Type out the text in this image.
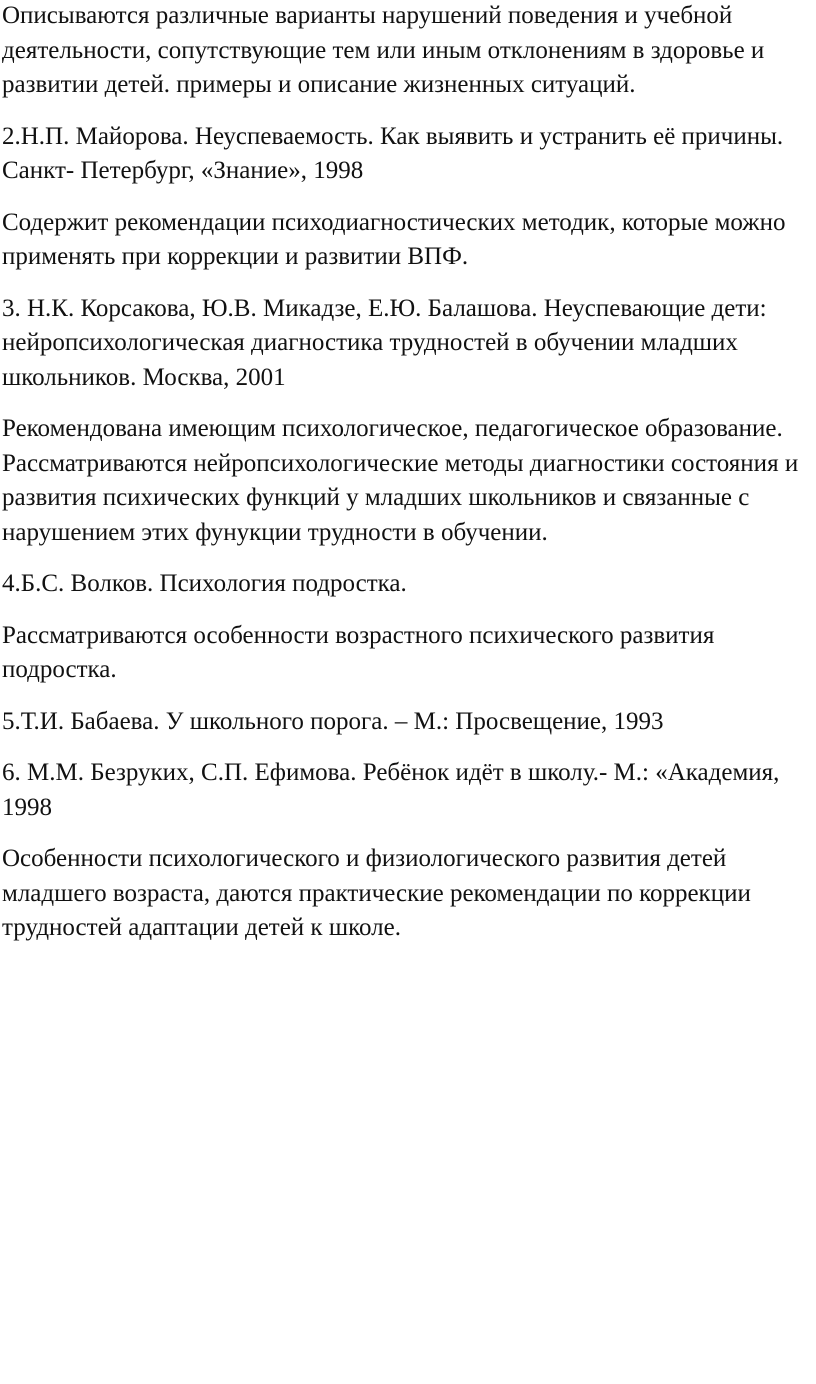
Описываются различные варианты нарушений поведения и учебной деятельности, сопутствующие тем или иным отклонениям в здоровье и развитии детей. примеры и описание жизненных ситуаций.

2.Н.П. Майорова. Неуспеваемость. Как выявить и устранить её причины. Санкт- Петербург, «Знание», 1998

Содержит рекомендации психодиагностических методик, которые можно применять при коррекции и развитии ВПФ.

3. Н.К. Корсакова, Ю.В. Микадзе, Е.Ю. Балашова. Неуспевающие дети: нейропсихологическая диагностика трудностей в обучении младших школьников. Москва, 2001

Рекомендована имеющим психологическое, педагогическое образование. Рассматриваются нейропсихологические методы диагностики состояния и развития психических функций у младших школьников и связанные с нарушением этих фунукции трудности в обучении.

4.Б.С. Волков. Психология подростка.

Рассматриваются особенности возрастного психического развития подростка.

5.Т.И. Бабаева. У школьного порога. – М.: Просвещение, 1993

6. М.М. Безруких, С.П. Ефимова. Ребёнок идёт в школу.- М.: «Академия, 1998

Особенности психологического и физиологического развития детей младшего возраста, даются практические рекомендации по коррекции трудностей адаптации детей к школе.
